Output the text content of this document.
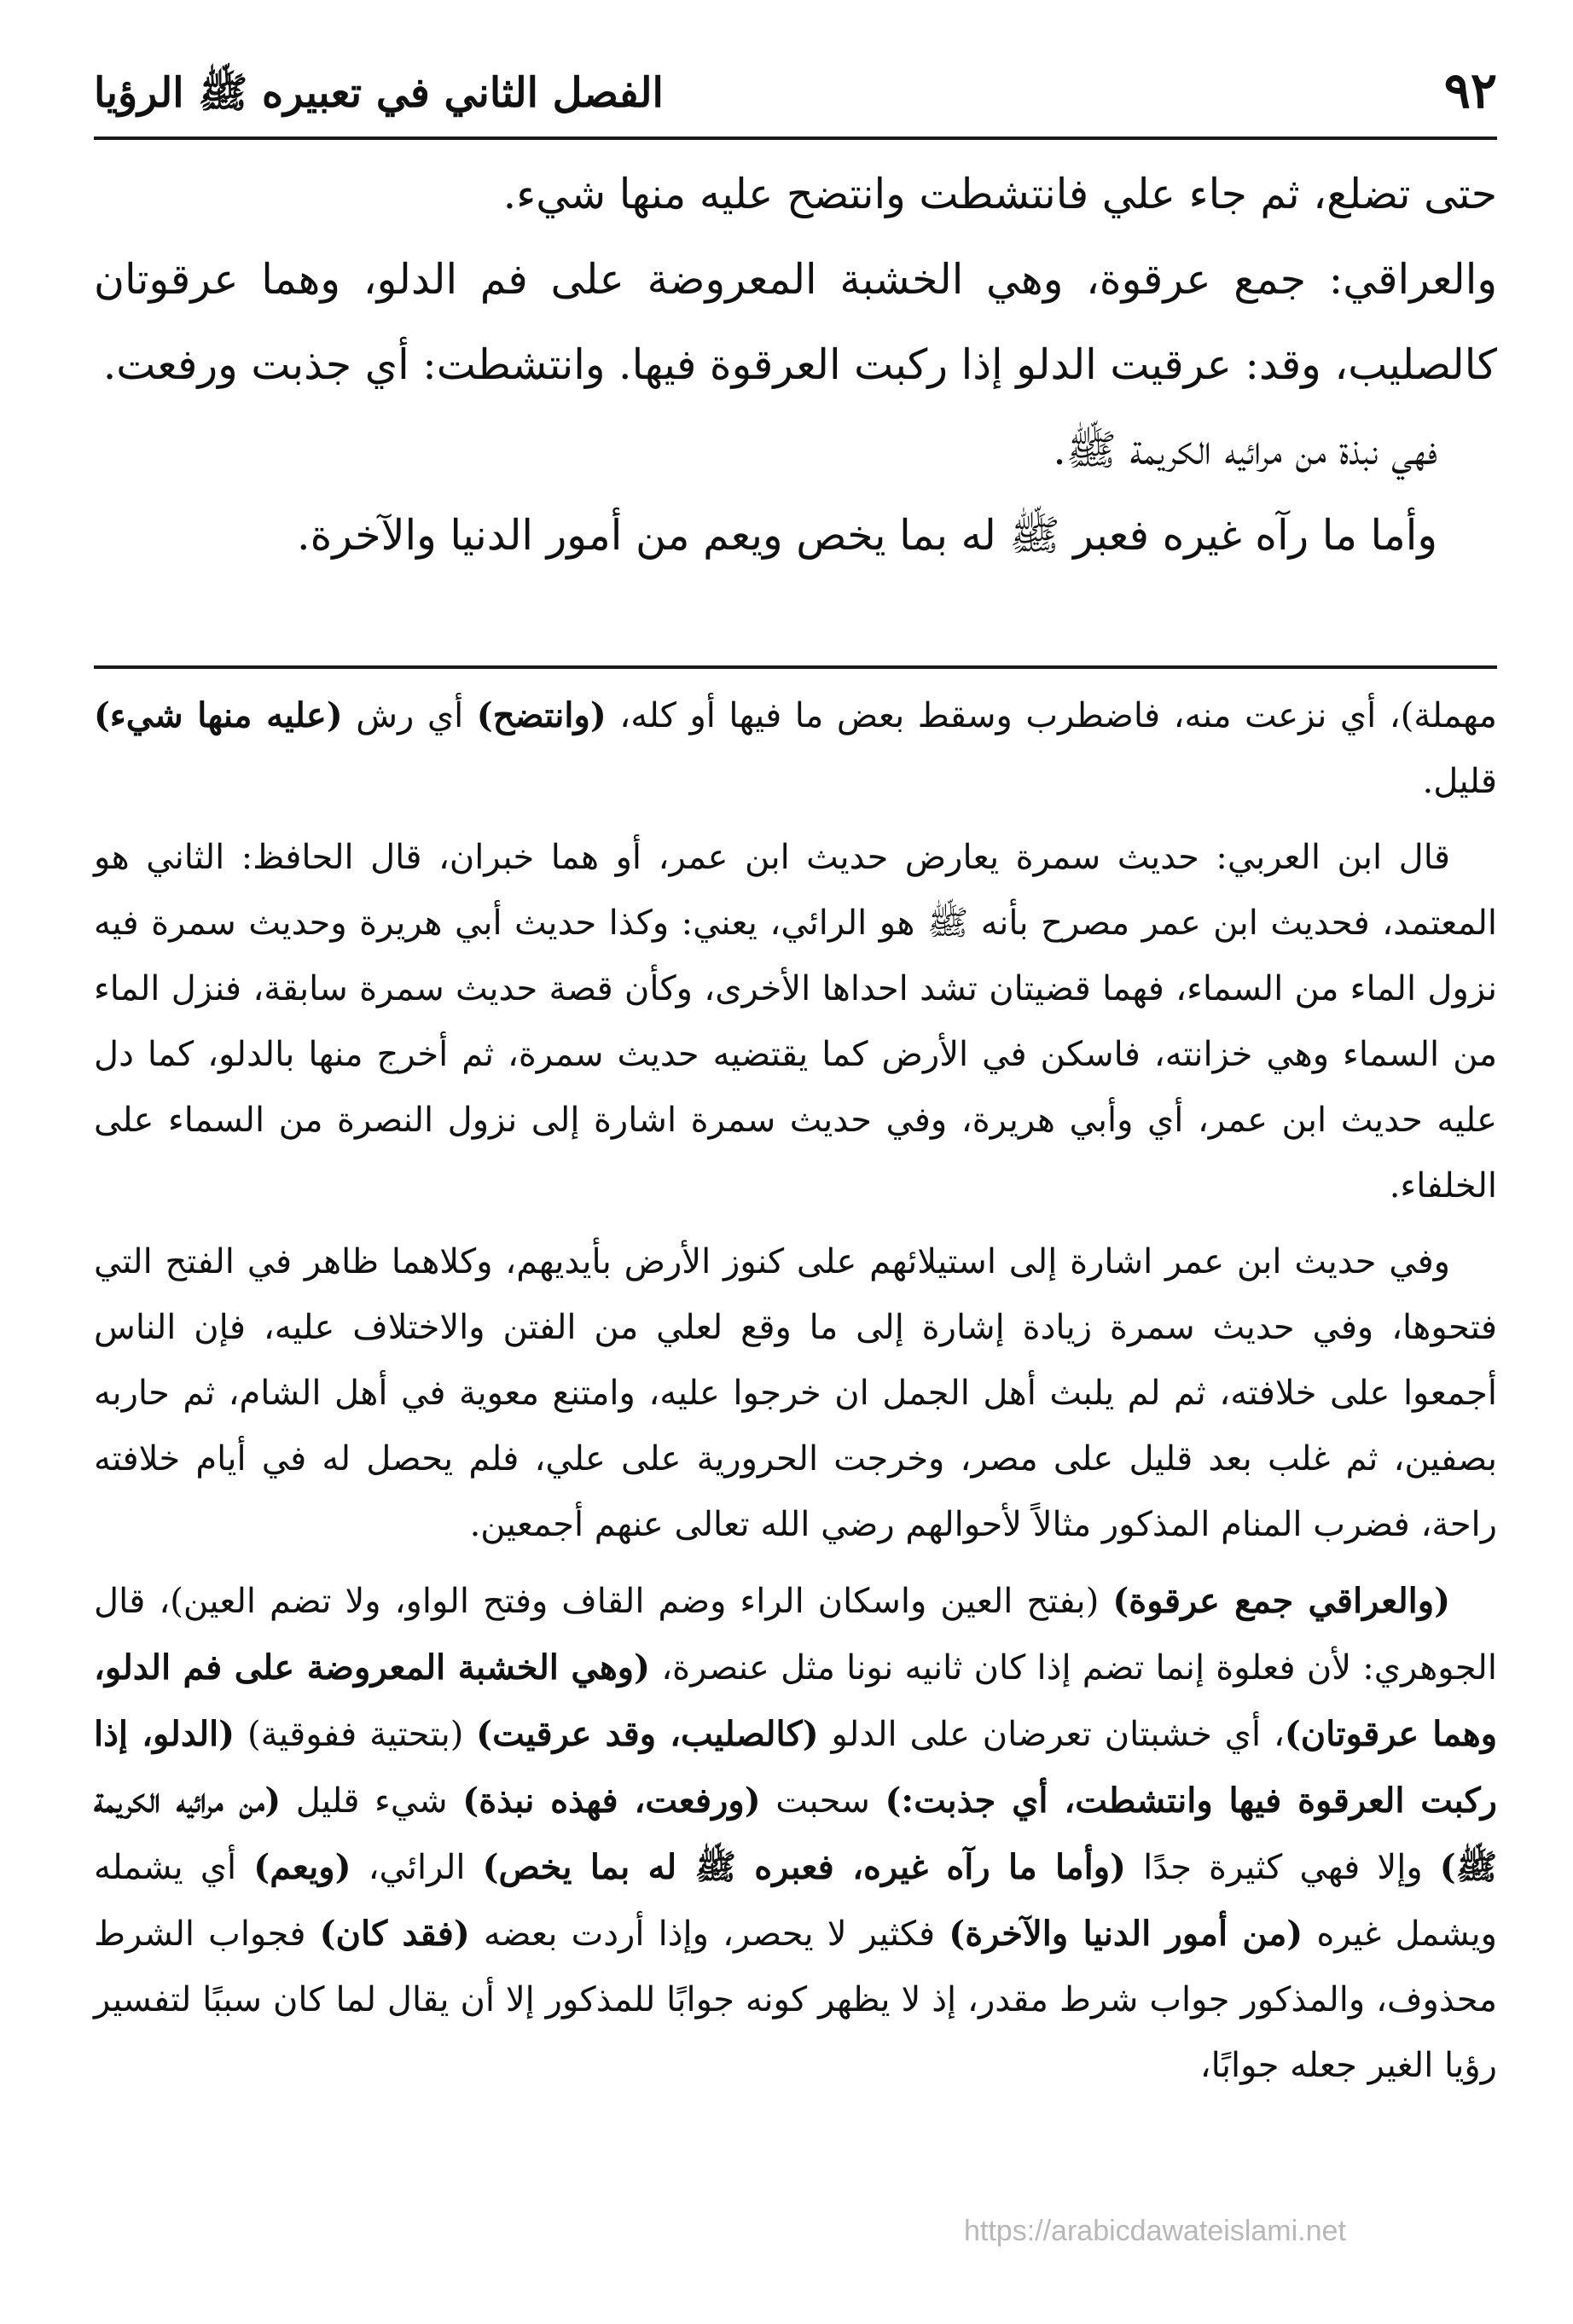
٩٢
الفصل الثاني في تعبيره ﷺ الرؤيا

حتى تضلع، ثم جاء علي فانتشطت وانتضح عليه منها شيء.

والعراقي: جمع عرقوة، وهي الخشبة المعروضة على فم الدلو، وهما عرقوتان كالصليب، وقد: عرقيت الدلو إذا ركبت العرقوة فيها. وانتشطت: أي جذبت ورفعت.

فهي نبذة من مرائيه الكريمة ﷺ.

وأما ما رآه غيره فعبر ﷺ له بما يخص ويعم من أمور الدنيا والآخرة.

مهملة)، أي نزعت منه، فاضطرب وسقط بعض ما فيها أو كله، (وانتضح) أي رش (عليه منها شيء) قليل.

قال ابن العربي: حديث سمرة يعارض حديث ابن عمر، أو هما خبران، قال الحافظ: الثاني هو المعتمد، فحديث ابن عمر مصرح بأنه ﷺ هو الرائي، يعني: وكذا حديث أبي هريرة وحديث سمرة فيه نزول الماء من السماء، فهما قضيتان تشد احداها الأخرى، وكأن قصة حديث سمرة سابقة، فنزل الماء من السماء وهي خزانته، فاسكن في الأرض كما يقتضيه حديث سمرة، ثم أخرج منها بالدلو، كما دل عليه حديث ابن عمر، أي وأبي هريرة، وفي حديث سمرة اشارة إلى نزول النصرة من السماء على الخلفاء.

وفي حديث ابن عمر اشارة إلى استيلائهم على كنوز الأرض بأيديهم، وكلاهما ظاهر في الفتح التي فتحوها، وفي حديث سمرة زيادة إشارة إلى ما وقع لعلي من الفتن والاختلاف عليه، فإن الناس أجمعوا على خلافته، ثم لم يلبث أهل الجمل ان خرجوا عليه، وامتنع معوية في أهل الشام، ثم حاربه بصفين، ثم غلب بعد قليل على مصر، وخرجت الحرورية على علي، فلم يحصل له في أيام خلافته راحة، فضرب المنام المذكور مثالاً لأحوالهم رضي الله تعالى عنهم أجمعين.

(والعراقي جمع عرقوة) (بفتح العين واسكان الراء وضم القاف وفتح الواو، ولا تضم العين)، قال الجوهري: لأن فعلوة إنما تضم إذا كان ثانيه نونا مثل عنصرة، (وهي الخشبة المعروضة على فم الدلو، وهما عرقوتان)، أي خشبتان تعرضان على الدلو (كالصليب، وقد عرقيت) (بتحتية ففوقية) (الدلو، إذا ركبت العرقوة فيها وانتشطت، أي جذبت:) سحبت (ورفعت، فهذه نبذة) شيء قليل (من مرائيه الكريمة ﷺ) وإلا فهي كثيرة جدًا (وأما ما رآه غيره، فعبره ﷺ له بما يخص) الرائي، (ويعم) أي يشمله ويشمل غيره (من أمور الدنيا والآخرة) فكثير لا يحصر، وإذا أردت بعضه (فقد كان) فجواب الشرط محذوف، والمذكور جواب شرط مقدر، إذ لا يظهر كونه جوابًا للمذكور إلا أن يقال لما كان سببًا لتفسير رؤيا الغير جعله جوابًا،

https://arabicdawateislami.net
